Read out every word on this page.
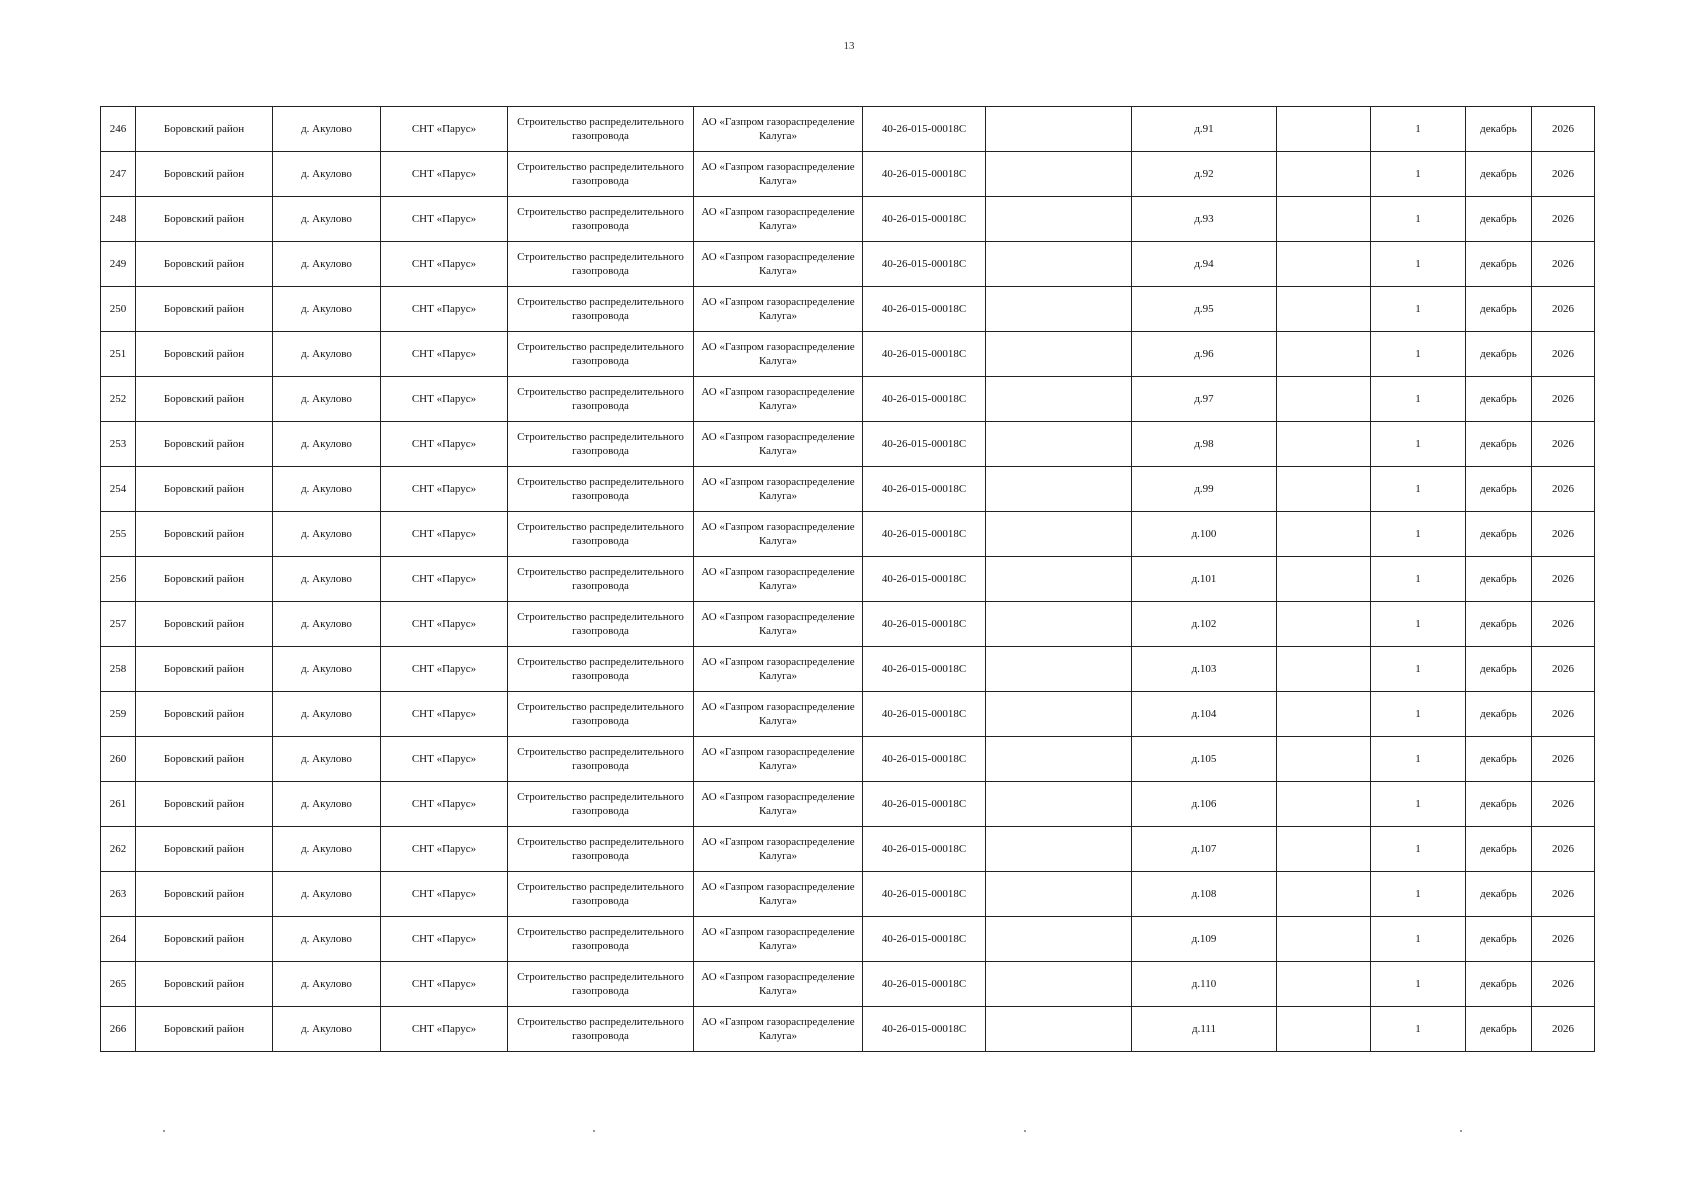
13
246	Боровский район	д. Акулово	СНТ «Парус»	Строительство распределительного газопровода	АО «Газпром газораспределение Калуга»	40-26-015-00018С		д.91		1	декабрь	2026
247	Боровский район	д. Акулово	СНТ «Парус»	Строительство распределительного газопровода	АО «Газпром газораспределение Калуга»	40-26-015-00018С		д.92		1	декабрь	2026
248	Боровский район	д. Акулово	СНТ «Парус»	Строительство распределительного газопровода	АО «Газпром газораспределение Калуга»	40-26-015-00018С		д.93		1	декабрь	2026
249	Боровский район	д. Акулово	СНТ «Парус»	Строительство распределительного газопровода	АО «Газпром газораспределение Калуга»	40-26-015-00018С		д.94		1	декабрь	2026
250	Боровский район	д. Акулово	СНТ «Парус»	Строительство распределительного газопровода	АО «Газпром газораспределение Калуга»	40-26-015-00018С		д.95		1	декабрь	2026
251	Боровский район	д. Акулово	СНТ «Парус»	Строительство распределительного газопровода	АО «Газпром газораспределение Калуга»	40-26-015-00018С		д.96		1	декабрь	2026
252	Боровский район	д. Акулово	СНТ «Парус»	Строительство распределительного газопровода	АО «Газпром газораспределение Калуга»	40-26-015-00018С		д.97		1	декабрь	2026
253	Боровский район	д. Акулово	СНТ «Парус»	Строительство распределительного газопровода	АО «Газпром газораспределение Калуга»	40-26-015-00018С		д.98		1	декабрь	2026
254	Боровский район	д. Акулово	СНТ «Парус»	Строительство распределительного газопровода	АО «Газпром газораспределение Калуга»	40-26-015-00018С		д.99		1	декабрь	2026
255	Боровский район	д. Акулово	СНТ «Парус»	Строительство распределительного газопровода	АО «Газпром газораспределение Калуга»	40-26-015-00018С		д.100		1	декабрь	2026
256	Боровский район	д. Акулово	СНТ «Парус»	Строительство распределительного газопровода	АО «Газпром газораспределение Калуга»	40-26-015-00018С		д.101		1	декабрь	2026
257	Боровский район	д. Акулово	СНТ «Парус»	Строительство распределительного газопровода	АО «Газпром газораспределение Калуга»	40-26-015-00018С		д.102		1	декабрь	2026
258	Боровский район	д. Акулово	СНТ «Парус»	Строительство распределительного газопровода	АО «Газпром газораспределение Калуга»	40-26-015-00018С		д.103		1	декабрь	2026
259	Боровский район	д. Акулово	СНТ «Парус»	Строительство распределительного газопровода	АО «Газпром газораспределение Калуга»	40-26-015-00018С		д.104		1	декабрь	2026
260	Боровский район	д. Акулово	СНТ «Парус»	Строительство распределительного газопровода	АО «Газпром газораспределение Калуга»	40-26-015-00018С		д.105		1	декабрь	2026
261	Боровский район	д. Акулово	СНТ «Парус»	Строительство распределительного газопровода	АО «Газпром газораспределение Калуга»	40-26-015-00018С		д.106		1	декабрь	2026
262	Боровский район	д. Акулово	СНТ «Парус»	Строительство распределительного газопровода	АО «Газпром газораспределение Калуга»	40-26-015-00018С		д.107		1	декабрь	2026
263	Боровский район	д. Акулово	СНТ «Парус»	Строительство распределительного газопровода	АО «Газпром газораспределение Калуга»	40-26-015-00018С		д.108		1	декабрь	2026
264	Боровский район	д. Акулово	СНТ «Парус»	Строительство распределительного газопровода	АО «Газпром газораспределение Калуга»	40-26-015-00018С		д.109		1	декабрь	2026
265	Боровский район	д. Акулово	СНТ «Парус»	Строительство распределительного газопровода	АО «Газпром газораспределение Калуга»	40-26-015-00018С		д.110		1	декабрь	2026
266	Боровский район	д. Акулово	СНТ «Парус»	Строительство распределительного газопровода	АО «Газпром газораспределение Калуга»	40-26-015-00018С		д.111		1	декабрь	2026
